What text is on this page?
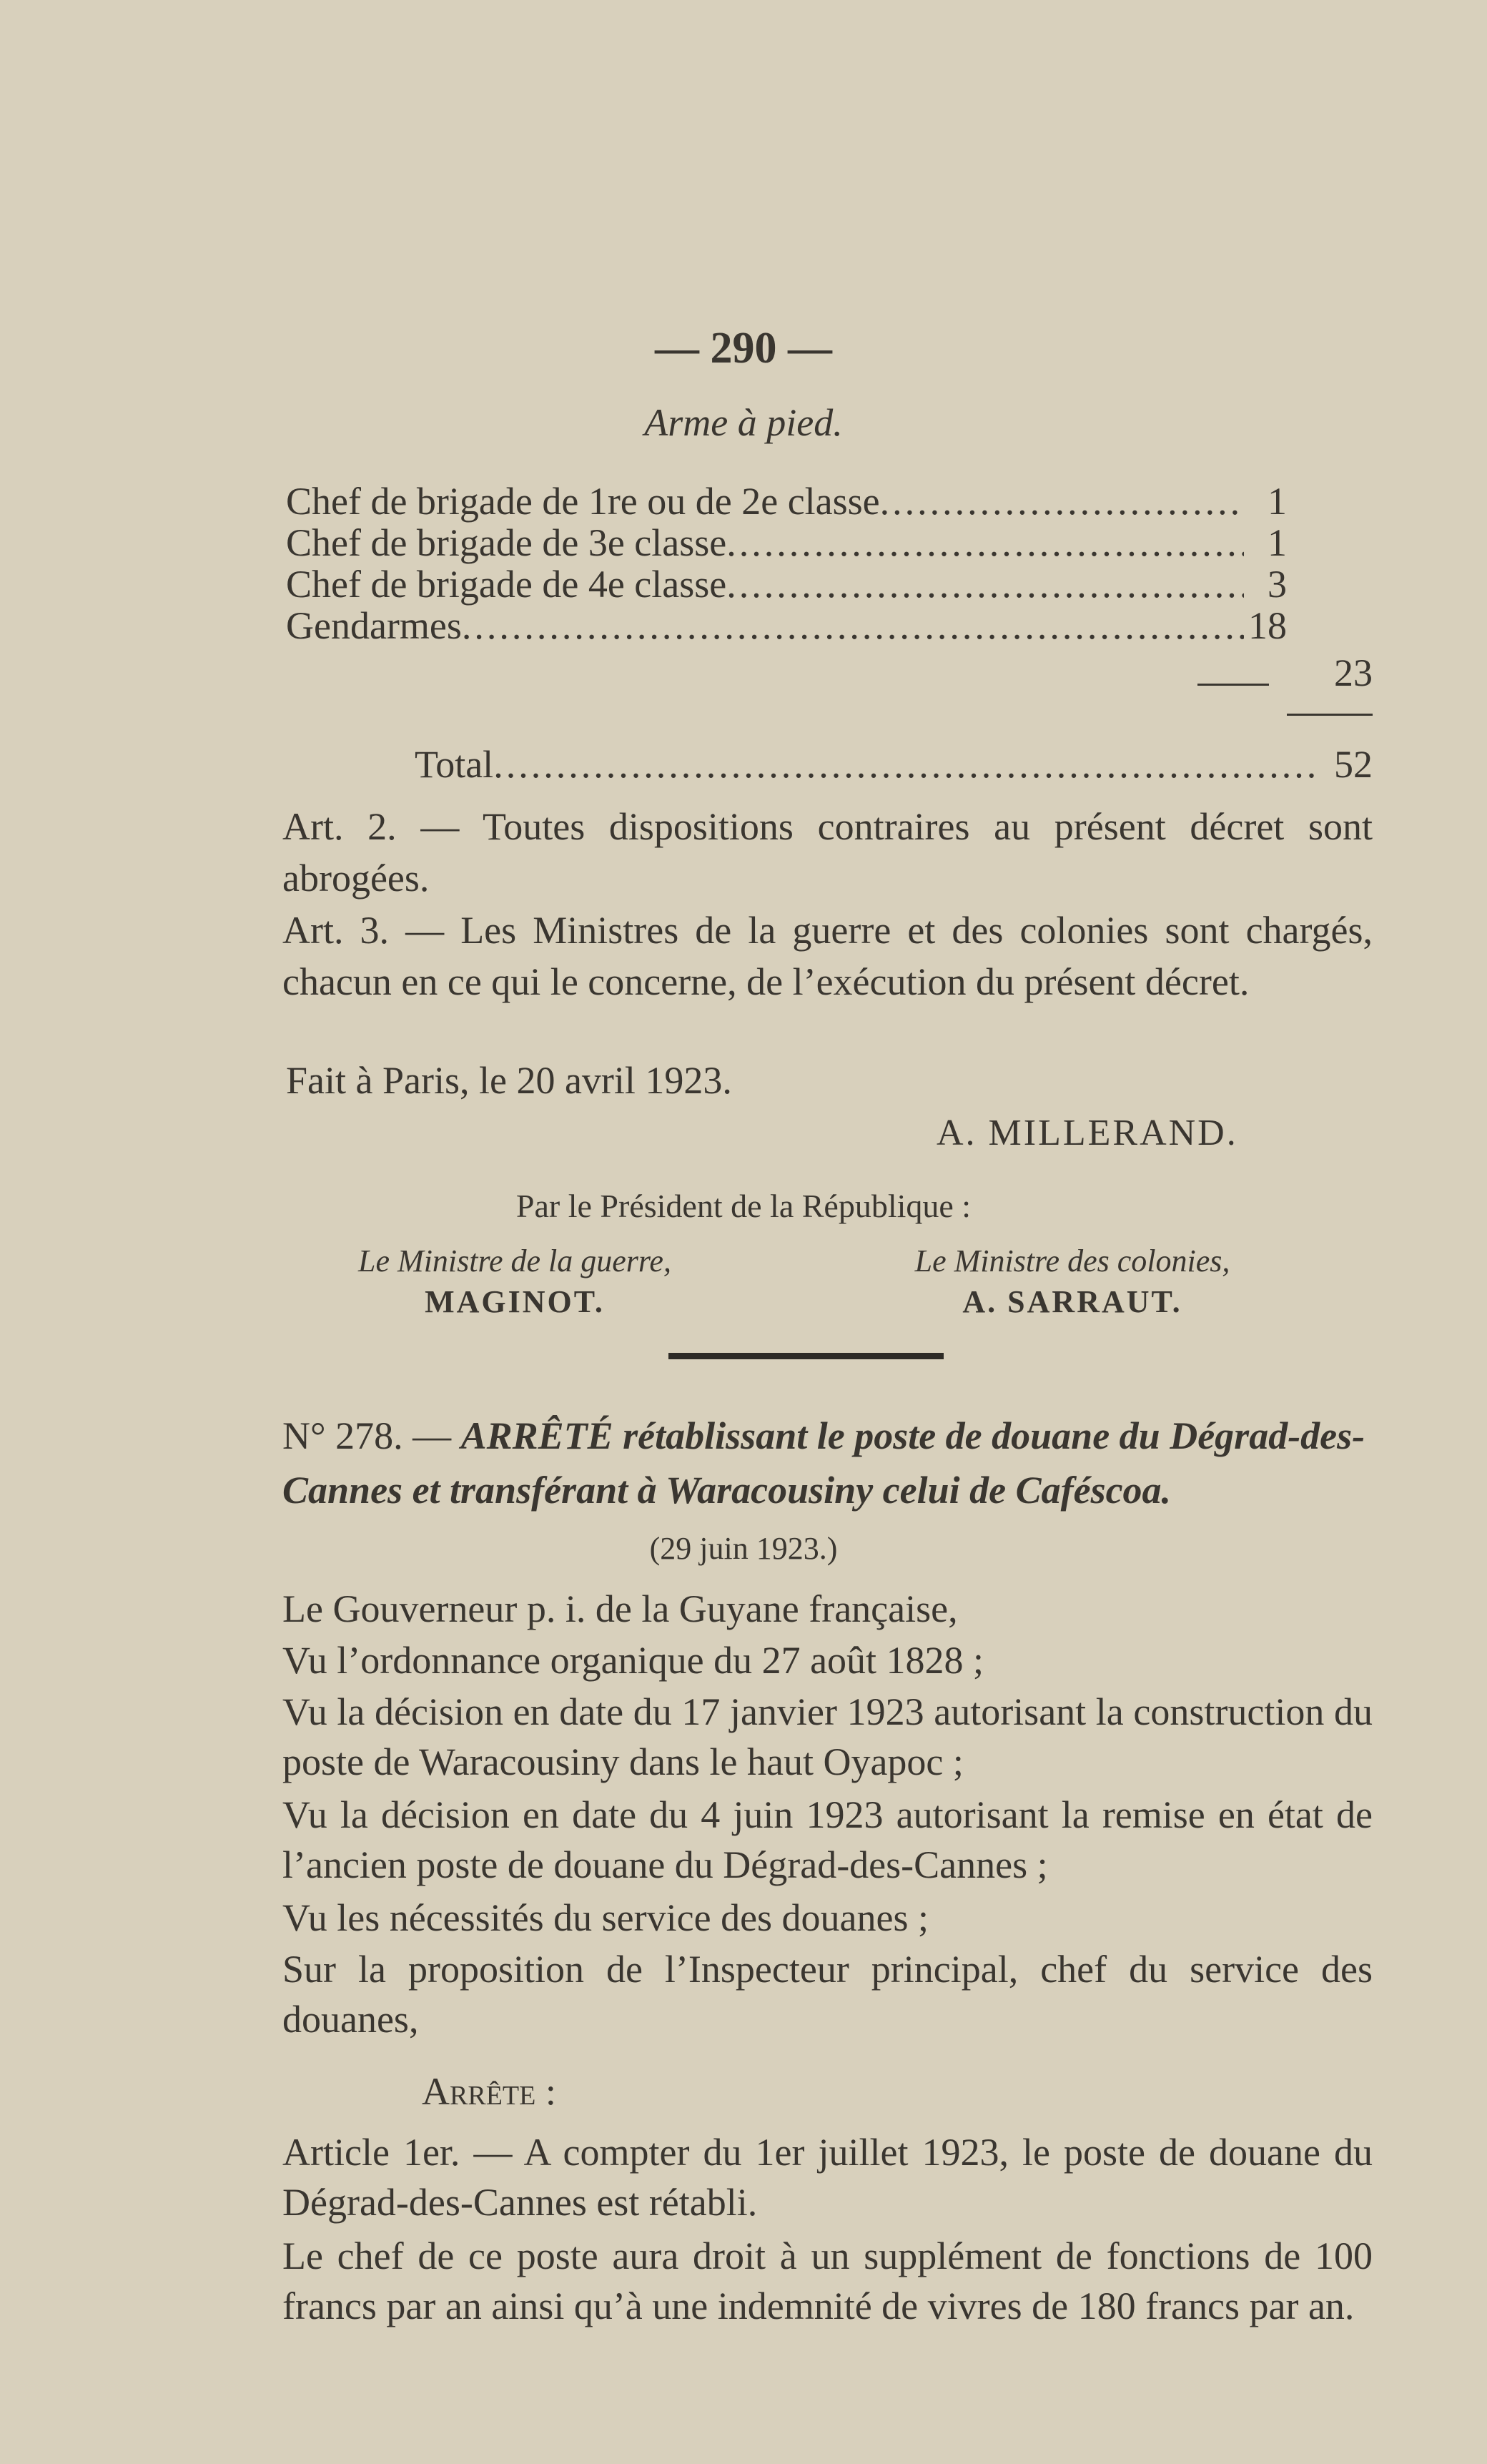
— 290 —
Arme à pied.
Chef de brigade de 1re ou de 2e classe .....	1
Chef de brigade de 3e classe .....	1
Chef de brigade de 4e classe .....	3
Gendarmes .....	18
23
Total .....	52
Art. 2. — Toutes dispositions contraires au présent décret sont abrogées.
Art. 3. — Les Ministres de la guerre et des colonies sont chargés, chacun en ce qui le concerne, de l’exécution du présent décret.
Fait à Paris, le 20 avril 1923.
A. MILLERAND.
Par le Président de la République :
Le Ministre de la guerre,
MAGINOT.
Le Ministre des colonies,
A. SARRAUT.
N° 278. — ARRÊTÉ rétablissant le poste de douane du Dégrad-des-Cannes et transférant à Waracousiny celui de Caféscoa.
(29 juin 1923.)
Le Gouverneur p. i. de la Guyane française,
Vu l’ordonnance organique du 27 août 1828 ;
Vu la décision en date du 17 janvier 1923 autorisant la construction du poste de Waracousiny dans le haut Oyapoc ;
Vu la décision en date du 4 juin 1923 autorisant la remise en état de l’ancien poste de douane du Dégrad-des-Cannes ;
Vu les nécessités du service des douanes ;
Sur la proposition de l’Inspecteur principal, chef du service des douanes,
Arrête :
Article 1er. — A compter du 1er juillet 1923, le poste de douane du Dégrad-des-Cannes est rétabli.
Le chef de ce poste aura droit à un supplément de fonctions de 100 francs par an ainsi qu’à une indemnité de vivres de 180 francs par an.
